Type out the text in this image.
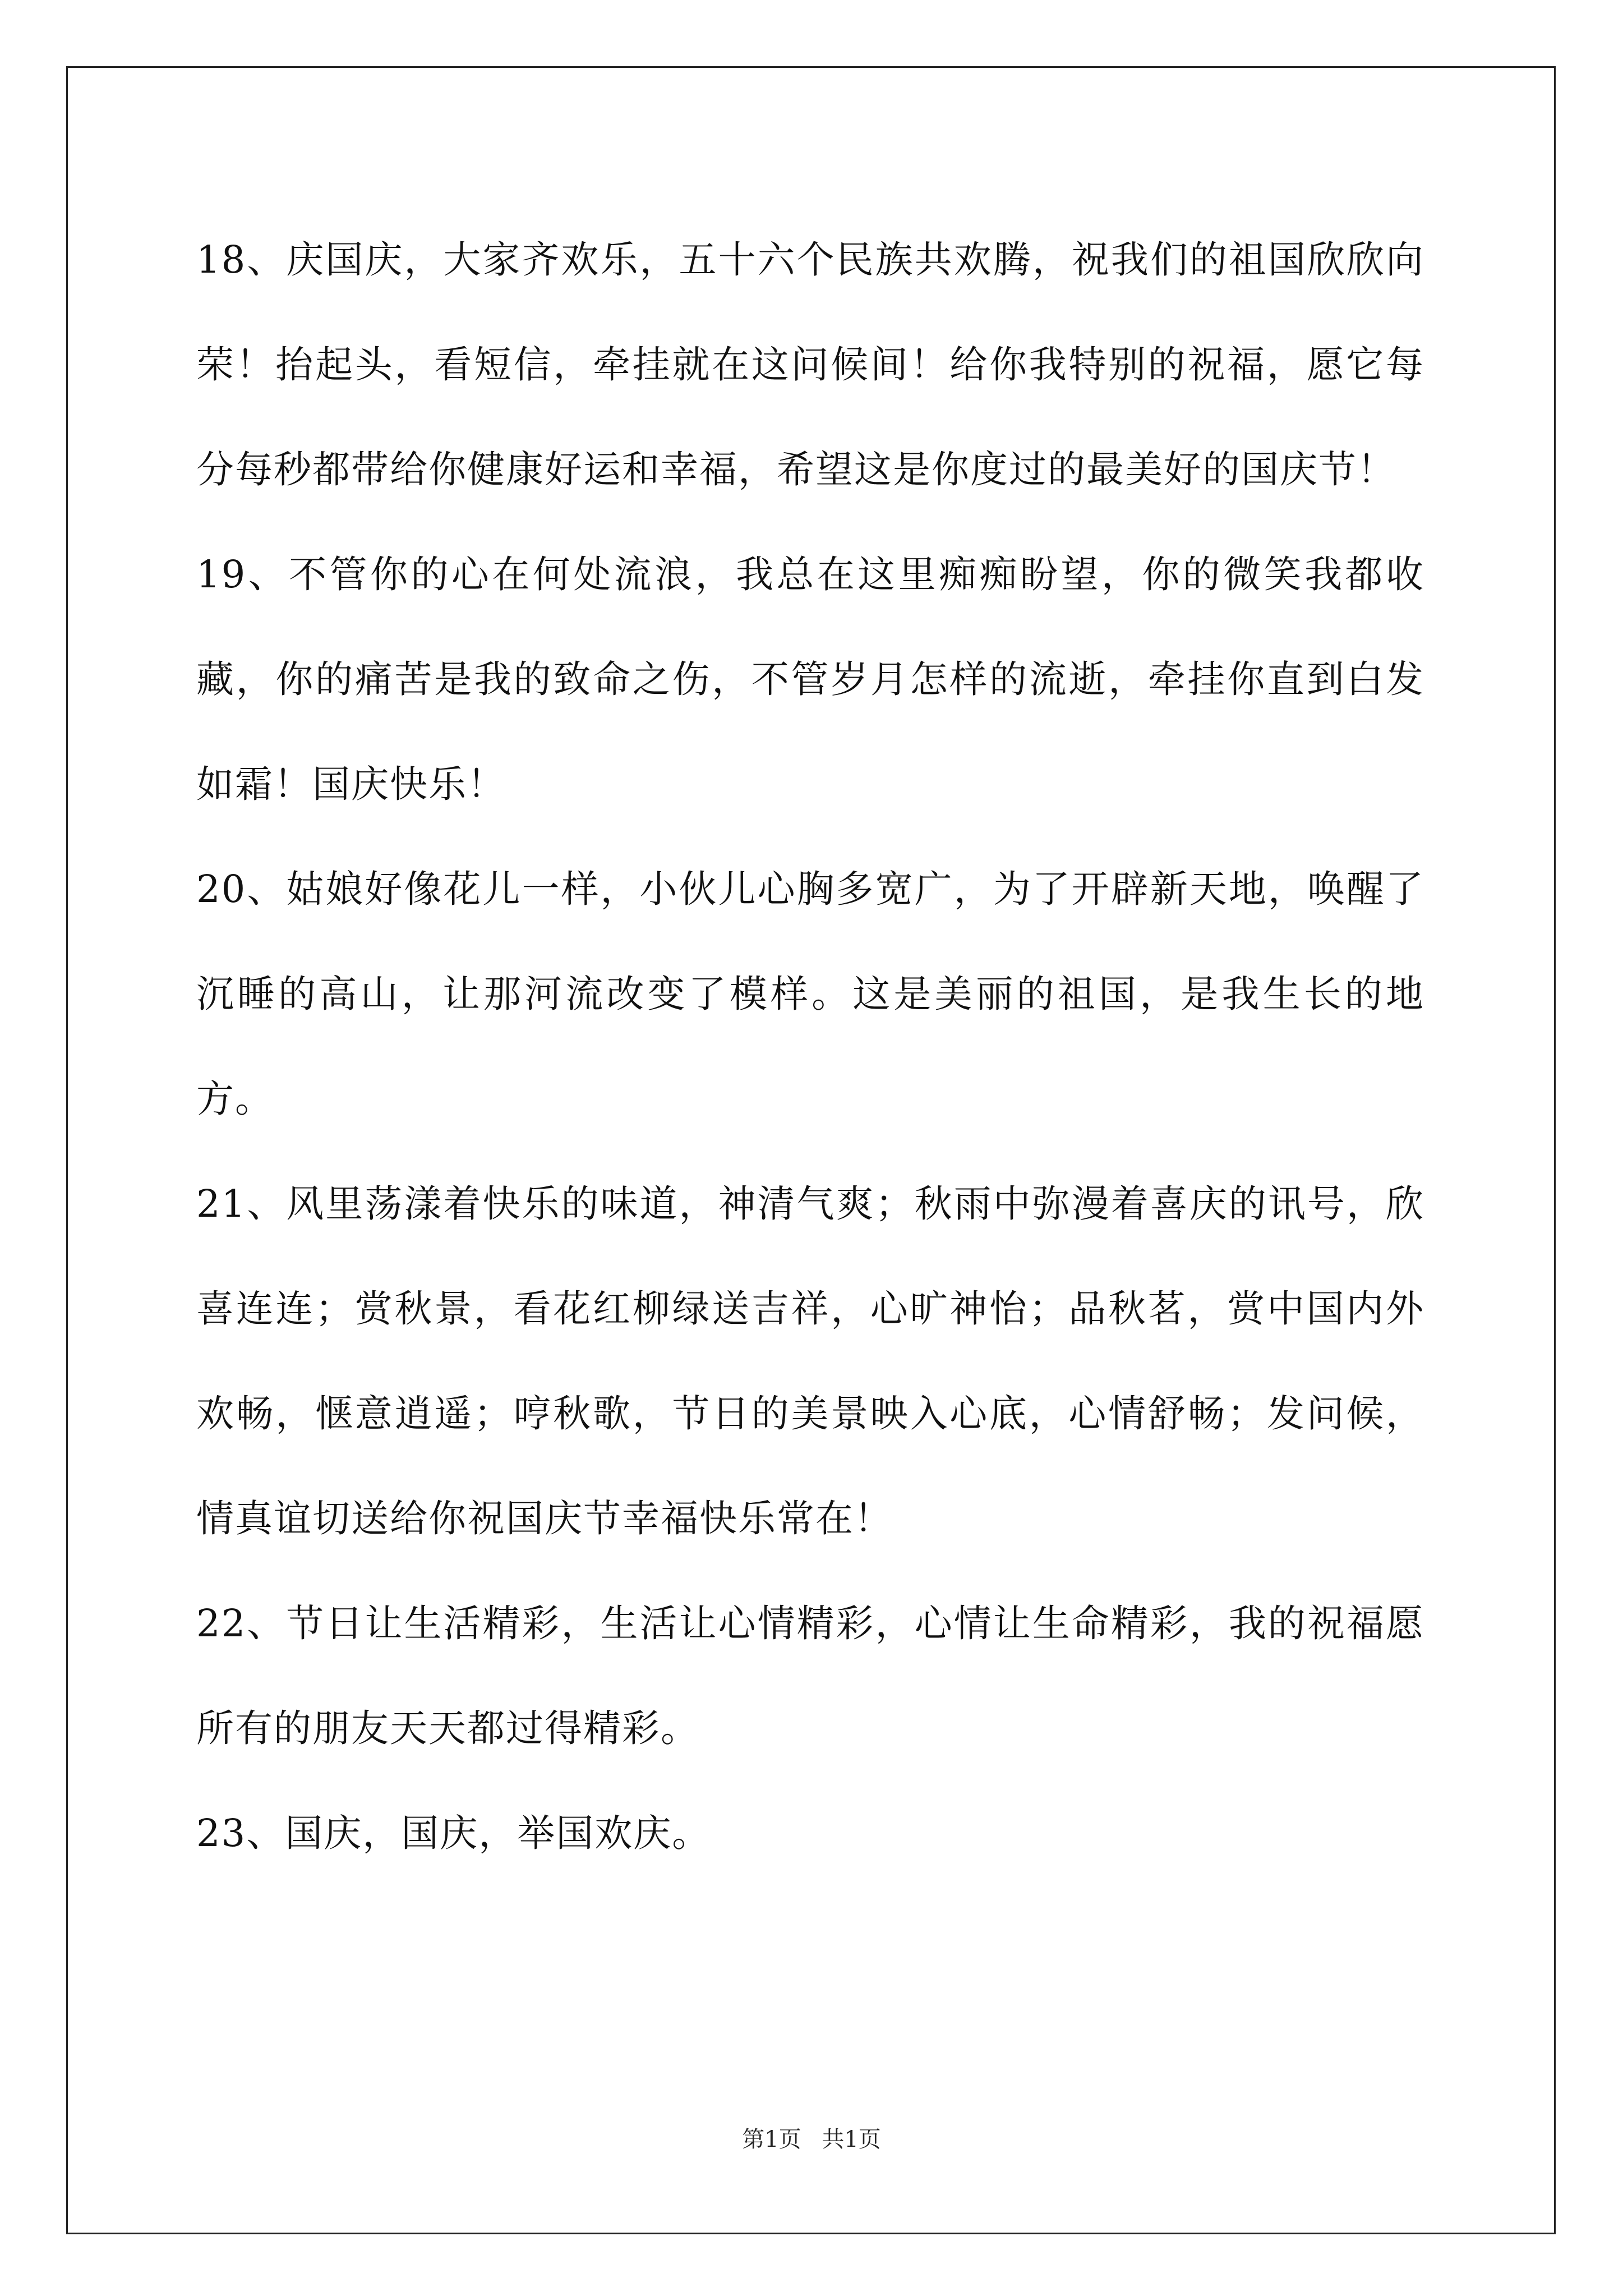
18、庆国庆，大家齐欢乐，五十六个民族共欢腾，祝我们的祖国欣欣向荣！抬起头，看短信，牵挂就在这问候间！给你我特别的祝福，愿它每分每秒都带给你健康好运和幸福，希望这是你度过的最美好的国庆节！

19、不管你的心在何处流浪，我总在这里痴痴盼望，你的微笑我都收藏，你的痛苦是我的致命之伤，不管岁月怎样的流逝，牵挂你直到白发如霜！国庆快乐！

20、姑娘好像花儿一样，小伙儿心胸多宽广，为了开辟新天地，唤醒了沉睡的高山，让那河流改变了模样。这是美丽的祖国，是我生长的地方。

21、风里荡漾着快乐的味道，神清气爽；秋雨中弥漫着喜庆的讯号，欣喜连连；赏秋景，看花红柳绿送吉祥，心旷神怡；品秋茗，赏中国内外欢畅，惬意逍遥；哼秋歌，节日的美景映入心底，心情舒畅；发问候，情真谊切送给你祝国庆节幸福快乐常在！

22、节日让生活精彩，生活让心情精彩，心情让生命精彩，我的祝福愿所有的朋友天天都过得精彩。

23、国庆，国庆，举国欢庆。

第1页 共1页
